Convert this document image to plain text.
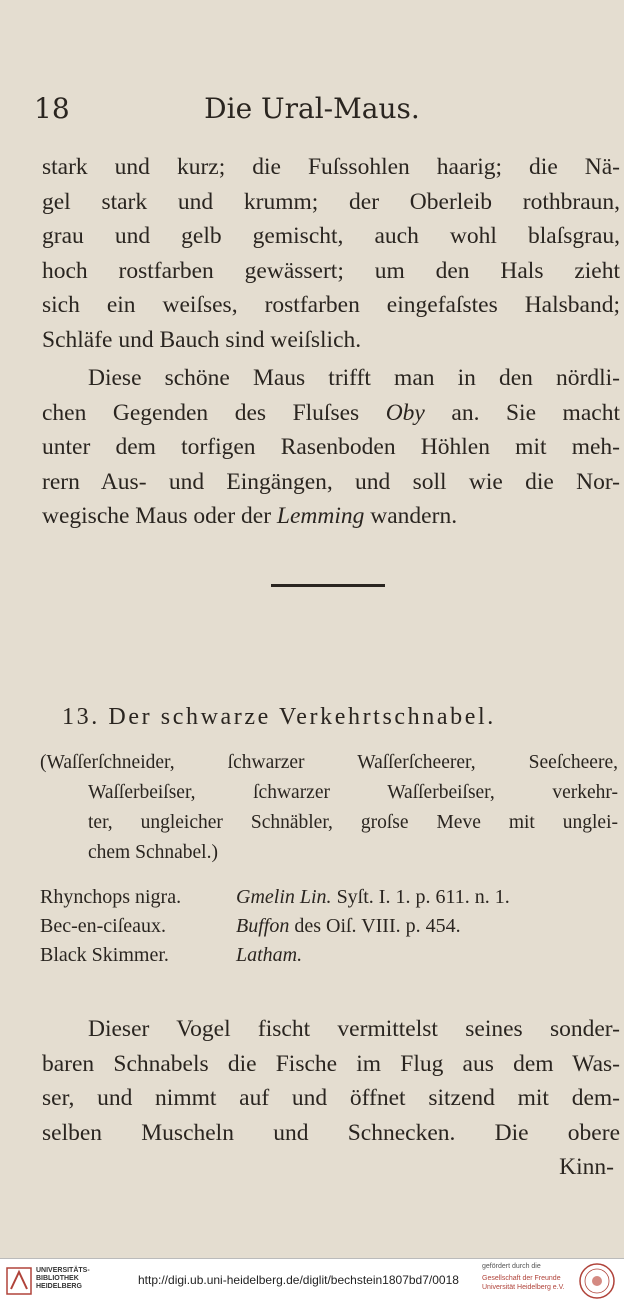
18	Die Ural-Maus.
stark und kurz; die Fuſssohlen haarig; die Nä-
gel stark und krumm; der Oberleib rothbraun,
grau und gelb gemischt, auch wohl blaſsgrau,
hoch rostfarben gewässert; um den Hals zieht
sich ein weiſses, rostfarben eingefaſstes Halsband;
Schläfe und Bauch sind weiſslich.
Diese schöne Maus trifft man in den nördli-
chen Gegenden des Fluſses Oby an. Sie macht
unter dem torfigen Rasenboden Höhlen mit meh-
rern Aus- und Eingängen, und soll wie die Nor-
wegische Maus oder der Lemming wandern.
13. Der schwarze Verkehrtschnabel.
(Waſſerſchneider, ſchwarzer Waſſerſcheerer, Seeſcheere,
Waſſerbeiſser, ſchwarzer Waſſerbeiſser, verkehr-
ter, ungleicher Schnäbler, groſse Meve mit unglei-
chem Schnabel.)
Rhynchops nigra.	Gmelin Lin. Syſt. I. 1. p. 611. n. 1.
Bec-en-ciſeaux.	Buffon des Oiſ. VIII. p. 454.
Black Skimmer.	Latham.
Dieser Vogel fischt vermittelst seines sonder-
baren Schnabels die Fische im Flug aus dem Was-
ser, und nimmt auf und öffnet sitzend mit dem-
selben Muscheln und Schnecken. Die obere
Kinn-
UNIVERSITÄTS-
BIBLIOTHEK
HEIDELBERG	http://digi.ub.uni-heidelberg.de/diglit/bechstein1807bd7/0018
gefördert durch die
Gesellschaft der Freunde
Universität Heidelberg e.V.
